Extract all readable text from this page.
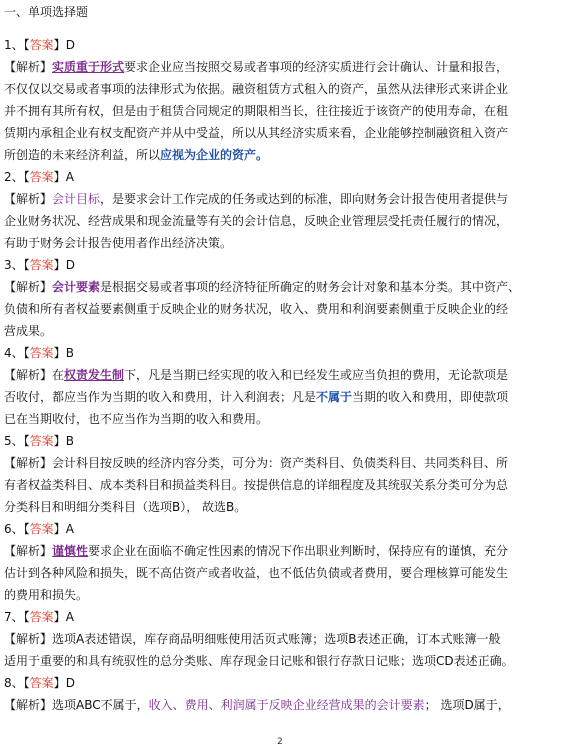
一、单项选择题
1、【答案】D
【解析】实质重于形式要求企业应当按照交易或者事项的经济实质进行会计确认、计量和报告，
不仅仅以交易或者事项的法律形式为依据。融资租赁方式租入的资产，虽然从法律形式来讲企业
并不拥有其所有权，但是由于租赁合同规定的期限相当长，往往接近于该资产的使用寿命，在租
赁期内承租企业有权支配资产并从中受益，所以从其经济实质来看，企业能够控制融资租入资产
所创造的未来经济利益，所以应视为企业的资产。
2、【答案】A
【解析】会计目标，是要求会计工作完成的任务或达到的标准，即向财务会计报告使用者提供与
企业财务状况、经营成果和现金流量等有关的会计信息，反映企业管理层受托责任履行的情况，
有助于财务会计报告使用者作出经济决策。
3、【答案】D
【解析】会计要素是根据交易或者事项的经济特征所确定的财务会计对象和基本分类。其中资产、
负债和所有者权益要素侧重于反映企业的财务状况，收入、费用和利润要素侧重于反映企业的经
营成果。
4、【答案】B
【解析】在权责发生制下，凡是当期已经实现的收入和已经发生或应当负担的费用，无论款项是
否收付，都应当作为当期的收入和费用，计入利润表；凡是不属于当期的收入和费用，即使款项
已在当期收付，也不应当作为当期的收入和费用。
5、【答案】B
【解析】会计科目按反映的经济内容分类，可分为：资产类科目、负债类科目、共同类科目、所
有者权益类科目、成本类科目和损益类科目。按提供信息的详细程度及其统驭关系分类可分为总
分类科目和明细分类科目（选项B）， 故选B。
6、【答案】A
【解析】谨慎性要求企业在面临不确定性因素的情况下作出职业判断时，保持应有的谨慎，充分
估计到各种风险和损失，既不高估资产或者收益，也不低估负债或者费用，要合理核算可能发生
的费用和损失。
7、【答案】A
【解析】选项A表述错误，库存商品明细账使用活页式账簿；选项B表述正确，订本式账簿一般
适用于重要的和具有统驭性的总分类账、库存现金日记账和银行存款日记账；选项CD表述正确。
8、【答案】D
【解析】选项ABC不属于，收入、费用、利润属于反映企业经营成果的会计要素； 选项D属于，
2
